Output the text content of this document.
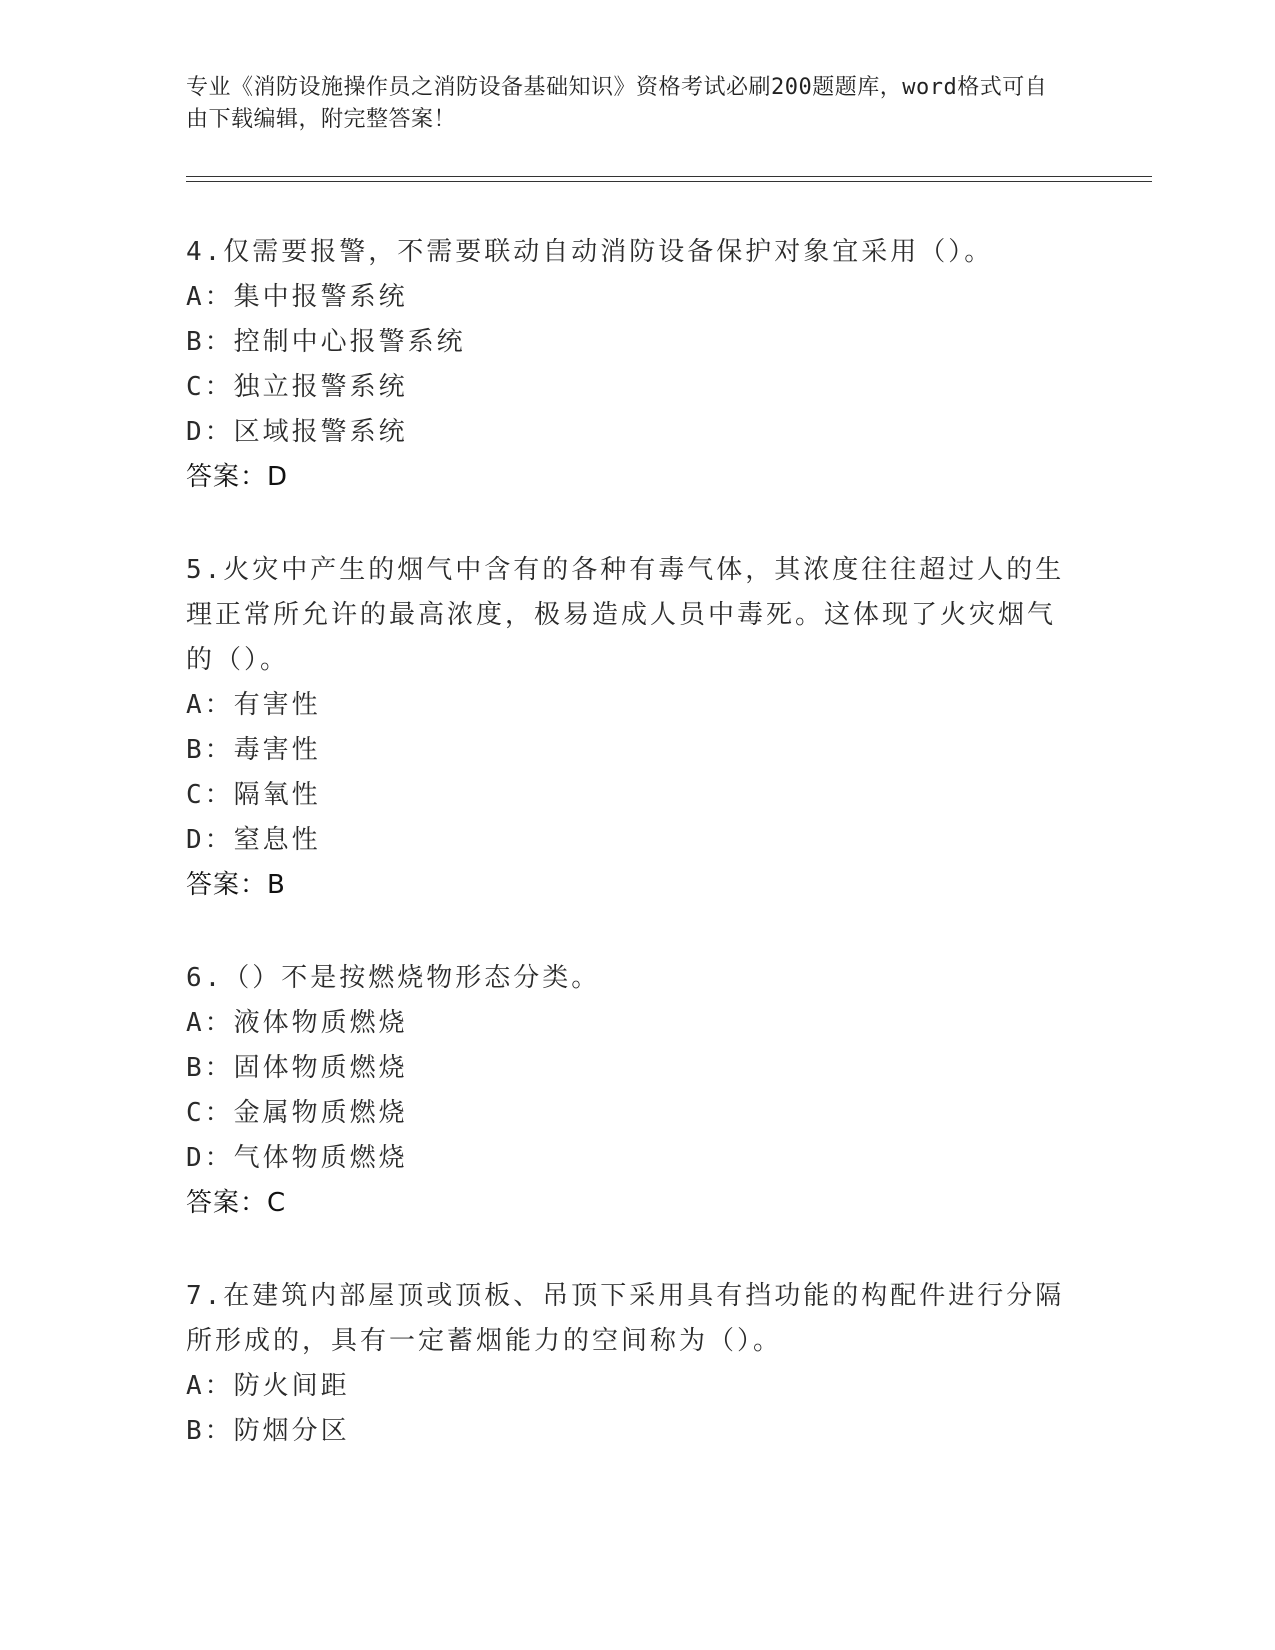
专业《消防设施操作员之消防设备基础知识》资格考试必刷200题题库，word格式可自由下载编辑，附完整答案！

4.仅需要报警，不需要联动自动消防设备保护对象宜采用（）。

A：集中报警系统

B：控制中心报警系统

C：独立报警系统

D：区域报警系统

答案：D

5.火灾中产生的烟气中含有的各种有毒气体，其浓度往往超过人的生理正常所允许的最高浓度，极易造成人员中毒死。这体现了火灾烟气的（）。

A：有害性

B：毒害性

C：隔氧性

D：窒息性

答案：B

6.（）不是按燃烧物形态分类。

A：液体物质燃烧

B：固体物质燃烧

C：金属物质燃烧

D：气体物质燃烧

答案：C

7.在建筑内部屋顶或顶板、吊顶下采用具有挡功能的构配件进行分隔所形成的，具有一定蓄烟能力的空间称为（）。

A：防火间距

B：防烟分区
